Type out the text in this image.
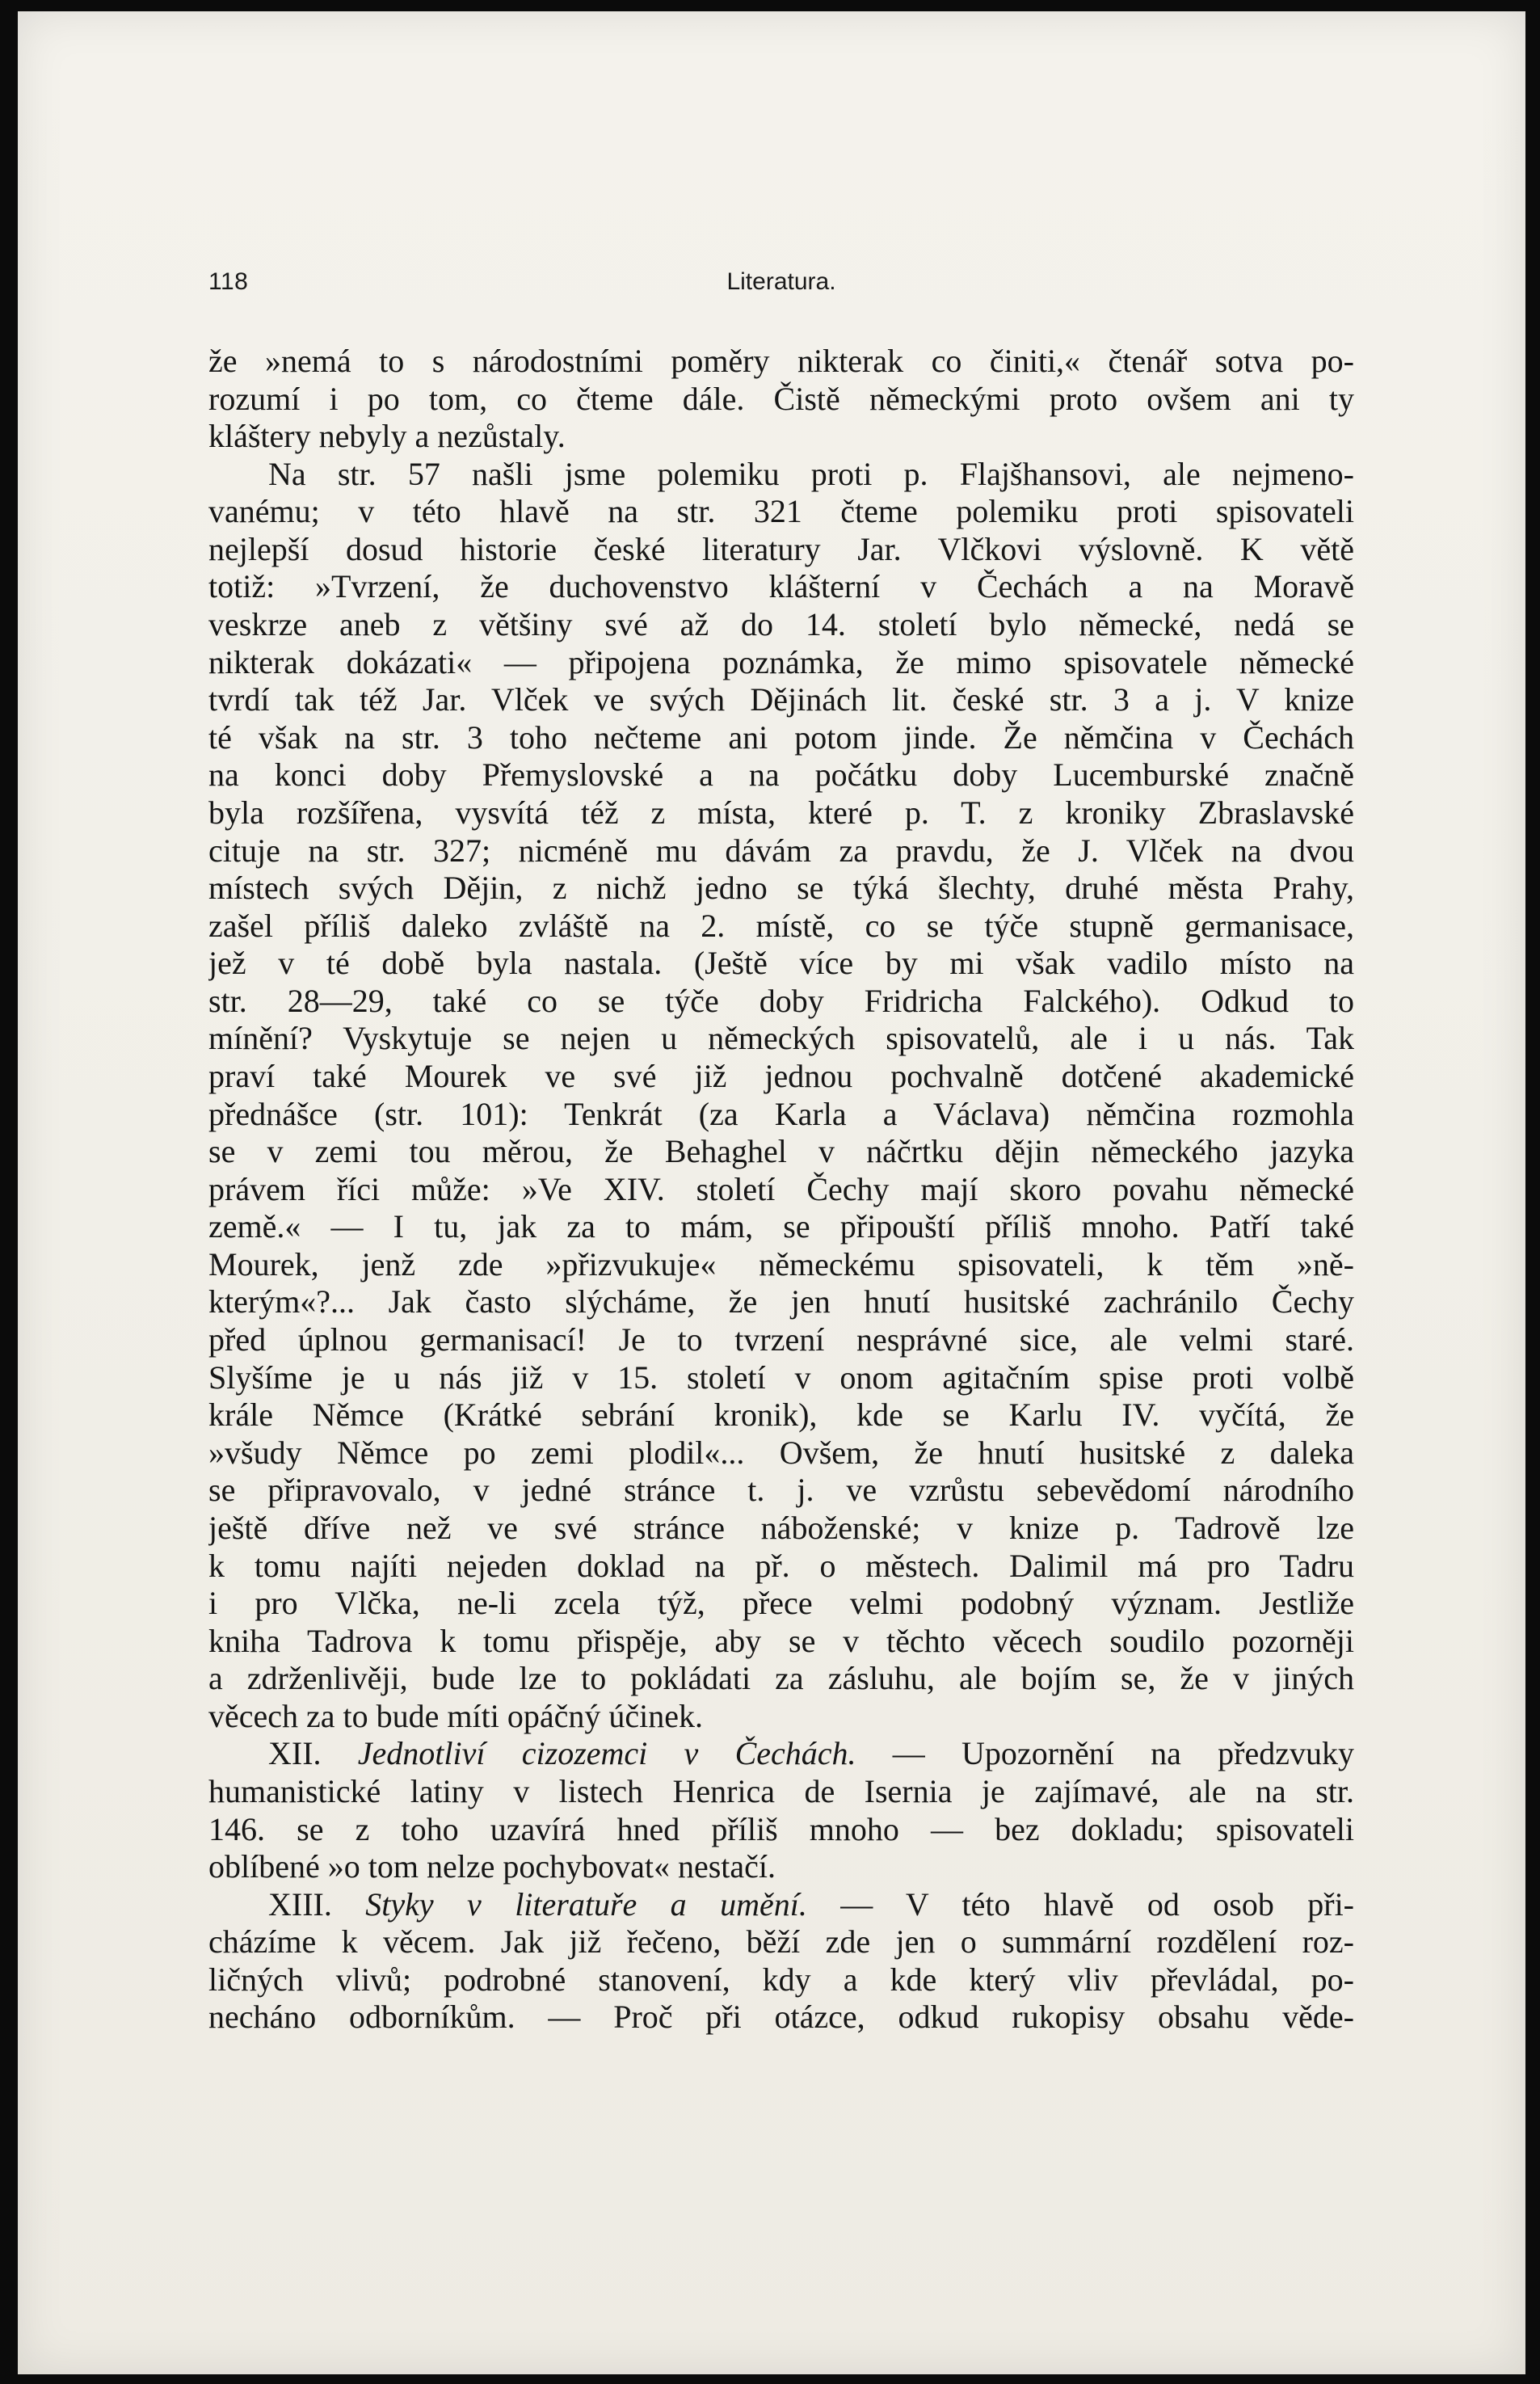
118	Literatura.
že »nemá to s národostními poměry nikterak co činiti,« čtenář sotva po-
rozumí i po tom, co čteme dále. Čistě německými proto ovšem ani ty
kláštery nebyly a nezůstaly.
Na str. 57 našli jsme polemiku proti p. Flajšhansovi, ale nejmeno-
vanému; v této hlavě na str. 321 čteme polemiku proti spisovateli
nejlepší dosud historie české literatury Jar. Vlčkovi výslovně. K větě
totiž: »Tvrzení, že duchovenstvo klášterní v Čechách a na Moravě
veskrze aneb z většiny své až do 14. století bylo německé, nedá se
nikterak dokázati« — připojena poznámka, že mimo spisovatele německé
tvrdí tak též Jar. Vlček ve svých Dějinách lit. české str. 3 a j. V knize
té však na str. 3 toho nečteme ani potom jinde. Že němčina v Čechách
na konci doby Přemyslovské a na počátku doby Lucemburské značně
byla rozšířena, vysvítá též z místa, které p. T. z kroniky Zbraslavské
cituje na str. 327; nicméně mu dávám za pravdu, že J. Vlček na dvou
místech svých Dějin, z nichž jedno se týká šlechty, druhé města Prahy,
zašel příliš daleko zvláště na 2. místě, co se týče stupně germanisace,
jež v té době byla nastala. (Ještě více by mi však vadilo místo na
str. 28—29, také co se týče doby Fridricha Falckého). Odkud to
mínění? Vyskytuje se nejen u německých spisovatelů, ale i u nás. Tak
praví také Mourek ve své již jednou pochvalně dotčené akademické
přednášce (str. 101): Tenkrát (za Karla a Václava) němčina rozmohla
se v zemi tou měrou, že Behaghel v náčrtku dějin německého jazyka
právem říci může: »Ve XIV. století Čechy mají skoro povahu německé
země.« — I tu, jak za to mám, se připouští příliš mnoho. Patří také
Mourek, jenž zde »přizvukuje« německému spisovateli, k těm »ně-
kterým«?... Jak často slýcháme, že jen hnutí husitské zachránilo Čechy
před úplnou germanisací! Je to tvrzení nesprávné sice, ale velmi staré.
Slyšíme je u nás již v 15. století v onom agitačním spise proti volbě
krále Němce (Krátké sebrání kronik), kde se Karlu IV. vyčítá, že
»všudy Němce po zemi plodil«... Ovšem, že hnutí husitské z daleka
se připravovalo, v jedné stránce t. j. ve vzrůstu sebevědomí národního
ještě dříve než ve své stránce náboženské; v knize p. Tadrově lze
k tomu najíti nejeden doklad na př. o městech. Dalimil má pro Tadru
i pro Vlčka, ne-li zcela týž, přece velmi podobný význam. Jestliže
kniha Tadrova k tomu přispěje, aby se v těchto věcech soudilo pozorněji
a zdrženlivěji, bude lze to pokládati za zásluhu, ale bojím se, že v jiných
věcech za to bude míti opáčný účinek.
XII. Jednotliví cizozemci v Čechách. — Upozornění na předzvuky
humanistické latiny v listech Henrica de Isernia je zajímavé, ale na str.
146. se z toho uzavírá hned příliš mnoho — bez dokladu; spisovateli
oblíbené »o tom nelze pochybovat« nestačí.
XIII. Styky v literatuře a umění. — V této hlavě od osob při-
cházíme k věcem. Jak již řečeno, běží zde jen o summární rozdělení roz-
ličných vlivů; podrobné stanovení, kdy a kde který vliv převládal, po-
necháno odborníkům. — Proč při otázce, odkud rukopisy obsahu věde-
